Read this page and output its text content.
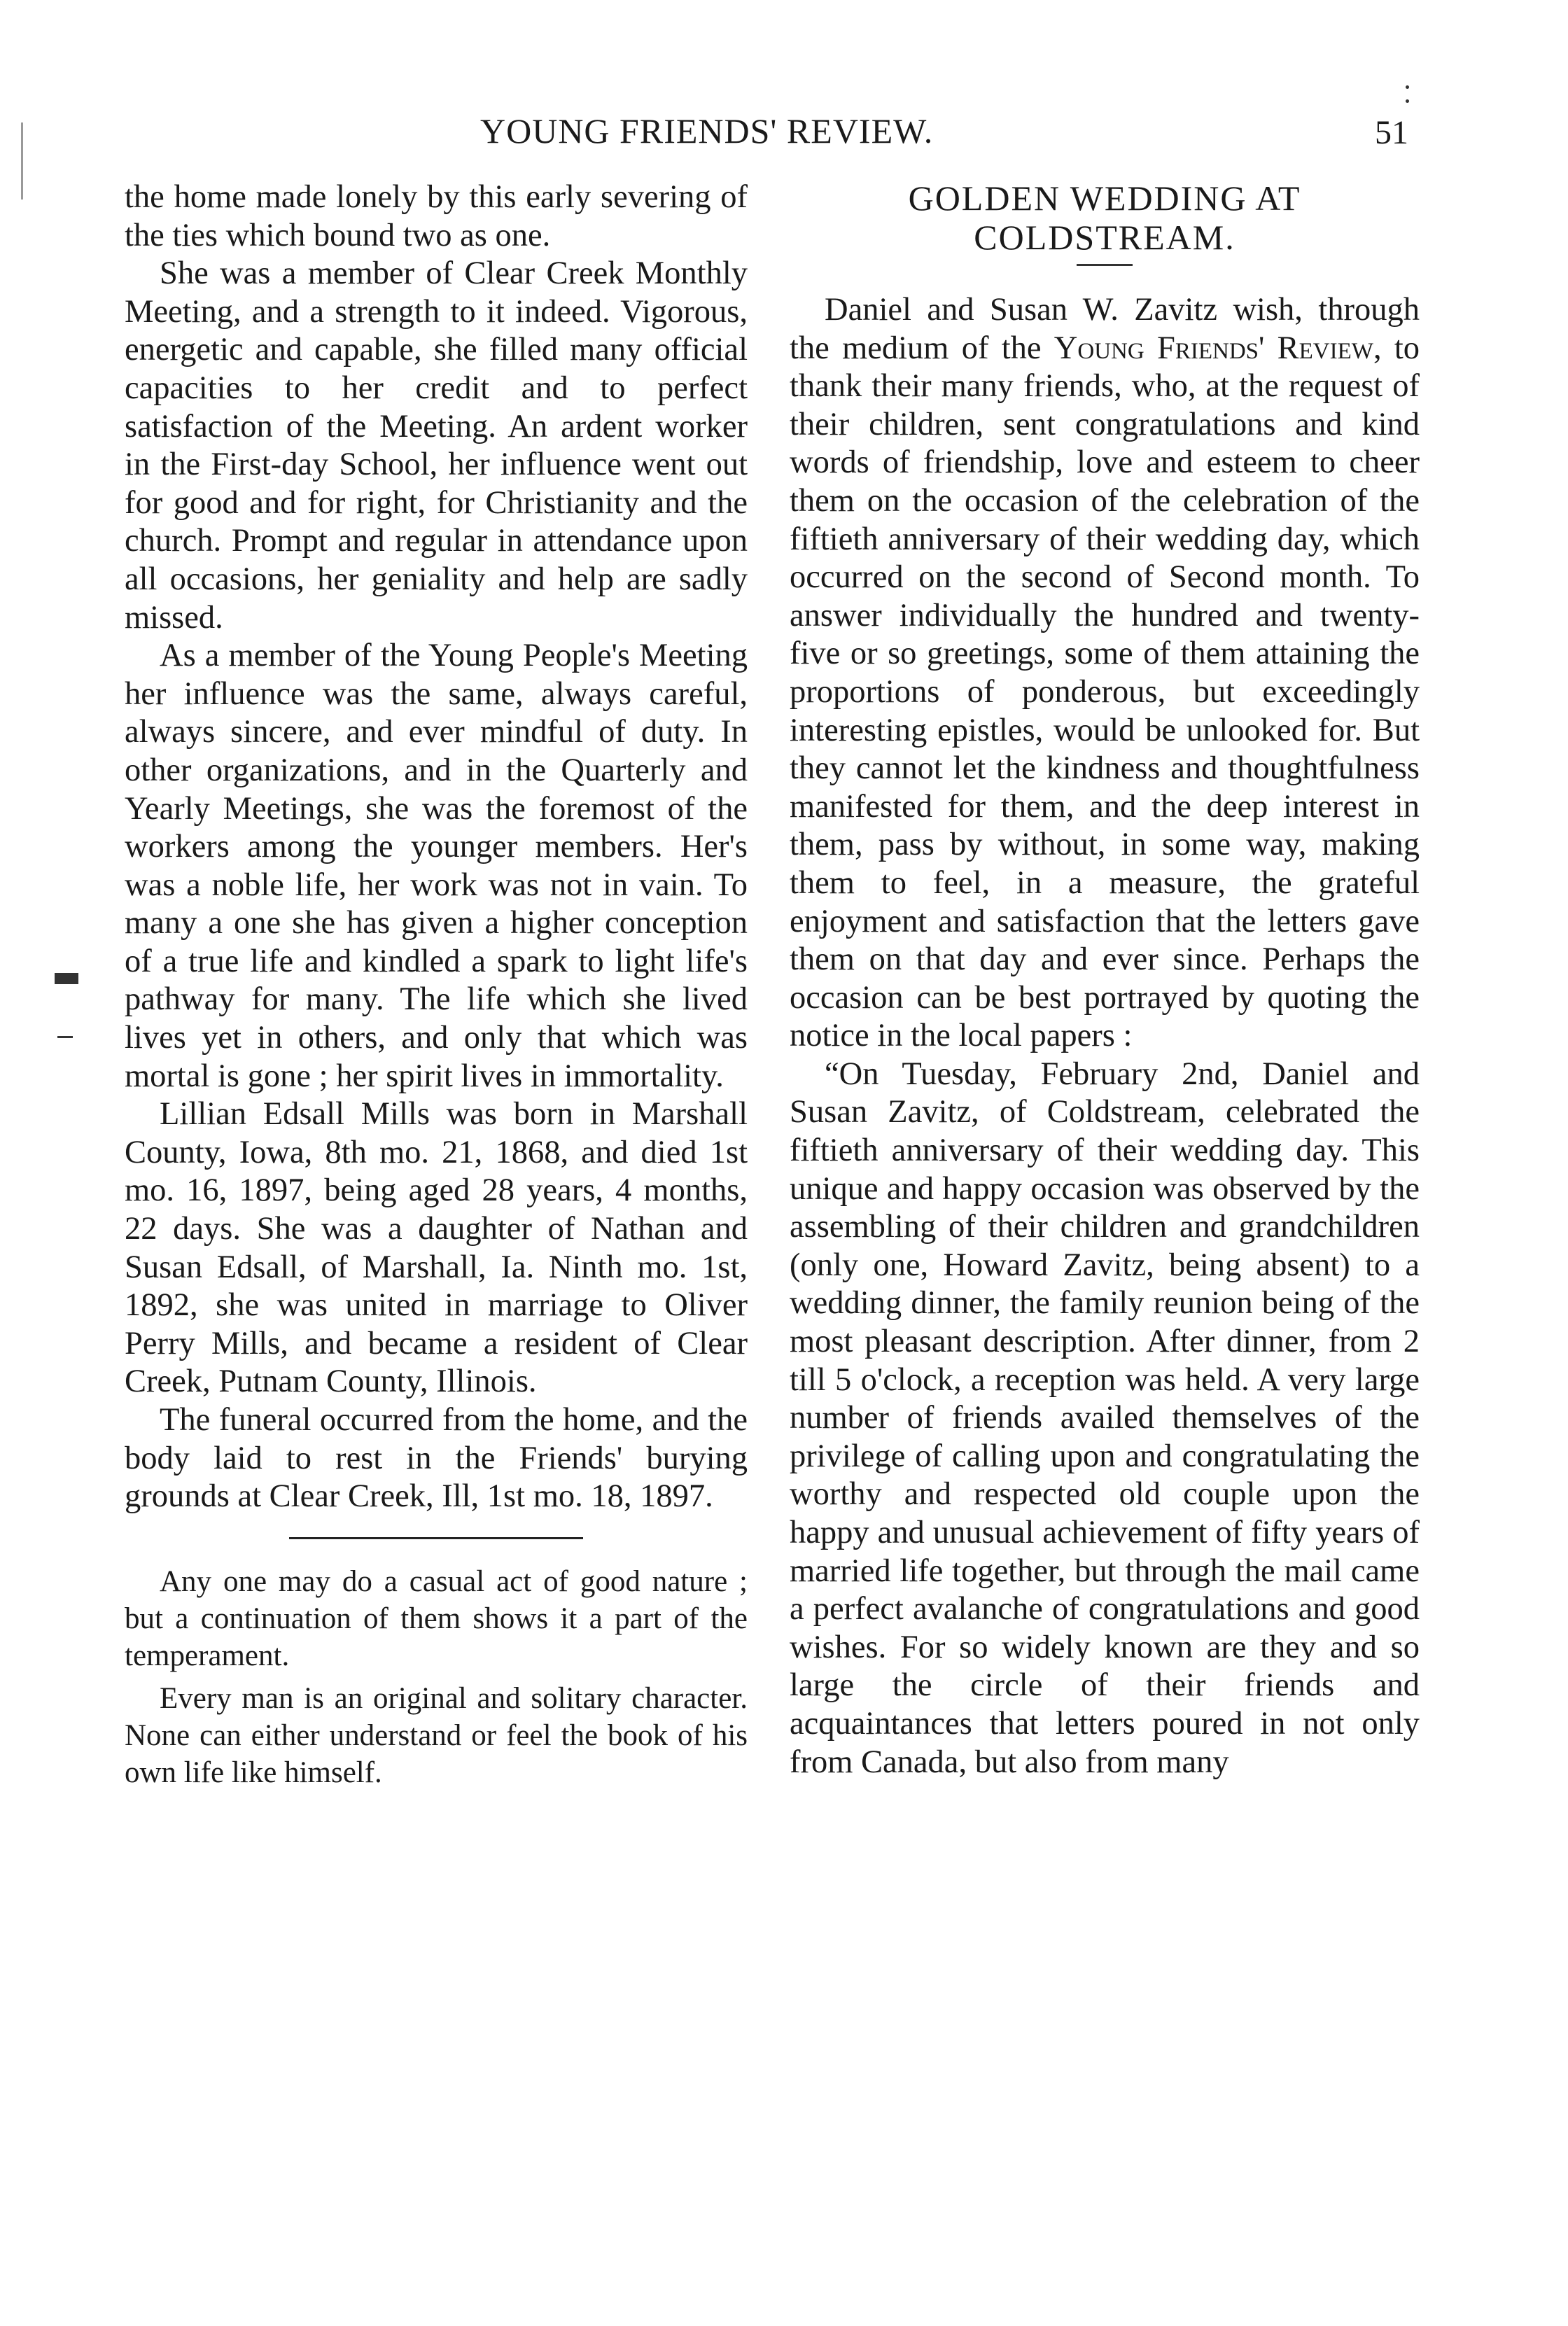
YOUNG FRIENDS' REVIEW.	51

the home made lonely by this early severing of the ties which bound two as one.

She was a member of Clear Creek Monthly Meeting, and a strength to it indeed. Vigorous, energetic and capable, she filled many official capacities to her credit and to perfect satisfaction of the Meeting. An ardent worker in the First-day School, her influence went out for good and for right, for Christianity and the church. Prompt and regular in attendance upon all occasions, her geniality and help are sadly missed.

As a member of the Young People's Meeting her influence was the same, always careful, always sincere, and ever mindful of duty. In other organizations, and in the Quarterly and Yearly Meetings, she was the foremost of the workers among the younger members. Her's was a noble life, her work was not in vain. To many a one she has given a higher conception of a true life and kindled a spark to light life's pathway for many. The life which she lived lives yet in others, and only that which was mortal is gone ; her spirit lives in immortality.

Lillian Edsall Mills was born in Marshall County, Iowa, 8th mo. 21, 1868, and died 1st mo. 16, 1897, being aged 28 years, 4 months, 22 days. She was a daughter of Nathan and Susan Edsall, of Marshall, Ia. Ninth mo. 1st, 1892, she was united in marriage to Oliver Perry Mills, and became a resident of Clear Creek, Putnam County, Illinois.

The funeral occurred from the home, and the body laid to rest in the Friends' burying grounds at Clear Creek, Ill, 1st mo. 18, 1897.

Any one may do a casual act of good nature ; but a continuation of them shows it a part of the temperament.

Every man is an original and solitary character. None can either understand or feel the book of his own life like himself.

GOLDEN WEDDING AT
COLDSTREAM.

Daniel and Susan W. Zavitz wish, through the medium of the Young Friends' Review, to thank their many friends, who, at the request of their children, sent congratulations and kind words of friendship, love and esteem to cheer them on the occasion of the celebration of the fiftieth anniversary of their wedding day, which occurred on the second of Second month. To answer individually the hundred and twenty-five or so greetings, some of them attaining the proportions of ponderous, but exceedingly interesting epistles, would be unlooked for. But they cannot let the kindness and thoughtfulness manifested for them, and the deep interest in them, pass by without, in some way, making them to feel, in a measure, the grateful enjoyment and satisfaction that the letters gave them on that day and ever since. Perhaps the occasion can be best portrayed by quoting the notice in the local papers :

“On Tuesday, February 2nd, Daniel and Susan Zavitz, of Coldstream, celebrated the fiftieth anniversary of their wedding day. This unique and happy occasion was observed by the assembling of their children and grandchildren (only one, Howard Zavitz, being absent) to a wedding dinner, the family reunion being of the most pleasant description. After dinner, from 2 till 5 o'clock, a reception was held. A very large number of friends availed themselves of the privilege of calling upon and congratulating the worthy and respected old couple upon the happy and unusual achievement of fifty years of married life together, but through the mail came a perfect avalanche of congratulations and good wishes. For so widely known are they and so large the circle of their friends and acquaintances that letters poured in not only from Canada, but also from many
